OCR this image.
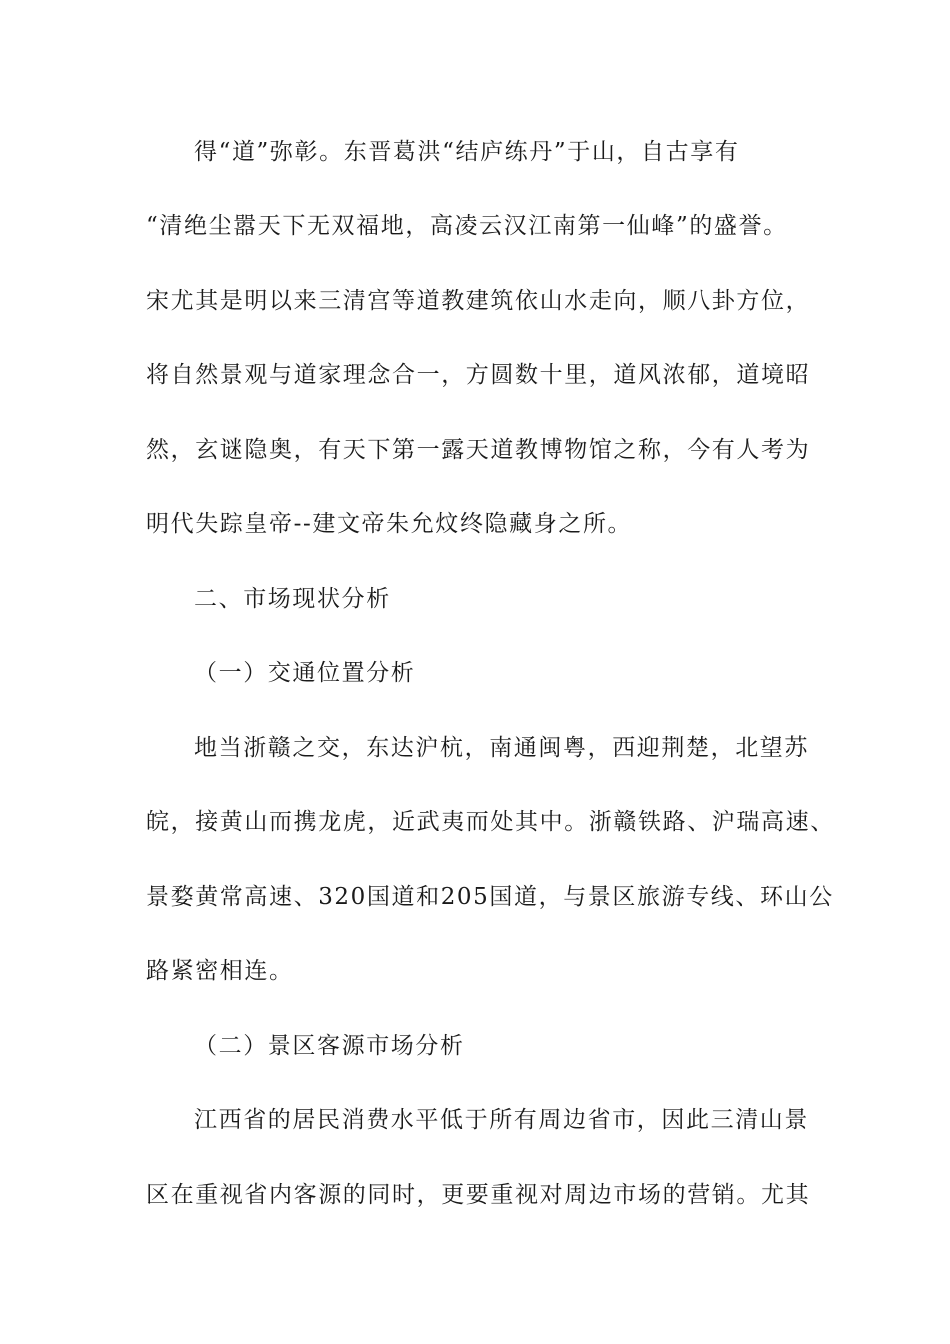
得“道”弥彰。东晋葛洪“结庐练丹”于山，自古享有
“清绝尘嚣天下无双福地，高凌云汉江南第一仙峰”的盛誉。
宋尤其是明以来三清宫等道教建筑依山水走向，顺八卦方位，
将自然景观与道家理念合一，方圆数十里，道风浓郁，道境昭
然，玄谜隐奥，有天下第一露天道教博物馆之称，今有人考为
明代失踪皇帝--建文帝朱允炆终隐藏身之所。
二、市场现状分析
（一）交通位置分析
地当浙赣之交，东达沪杭，南通闽粤，西迎荆楚，北望苏
皖，接黄山而携龙虎，近武夷而处其中。浙赣铁路、沪瑞高速、
景婺黄常高速、320国道和205国道，与景区旅游专线、环山公
路紧密相连。
（二）景区客源市场分析
江西省的居民消费水平低于所有周边省市，因此三清山景
区在重视省内客源的同时，更要重视对周边市场的营销。尤其
